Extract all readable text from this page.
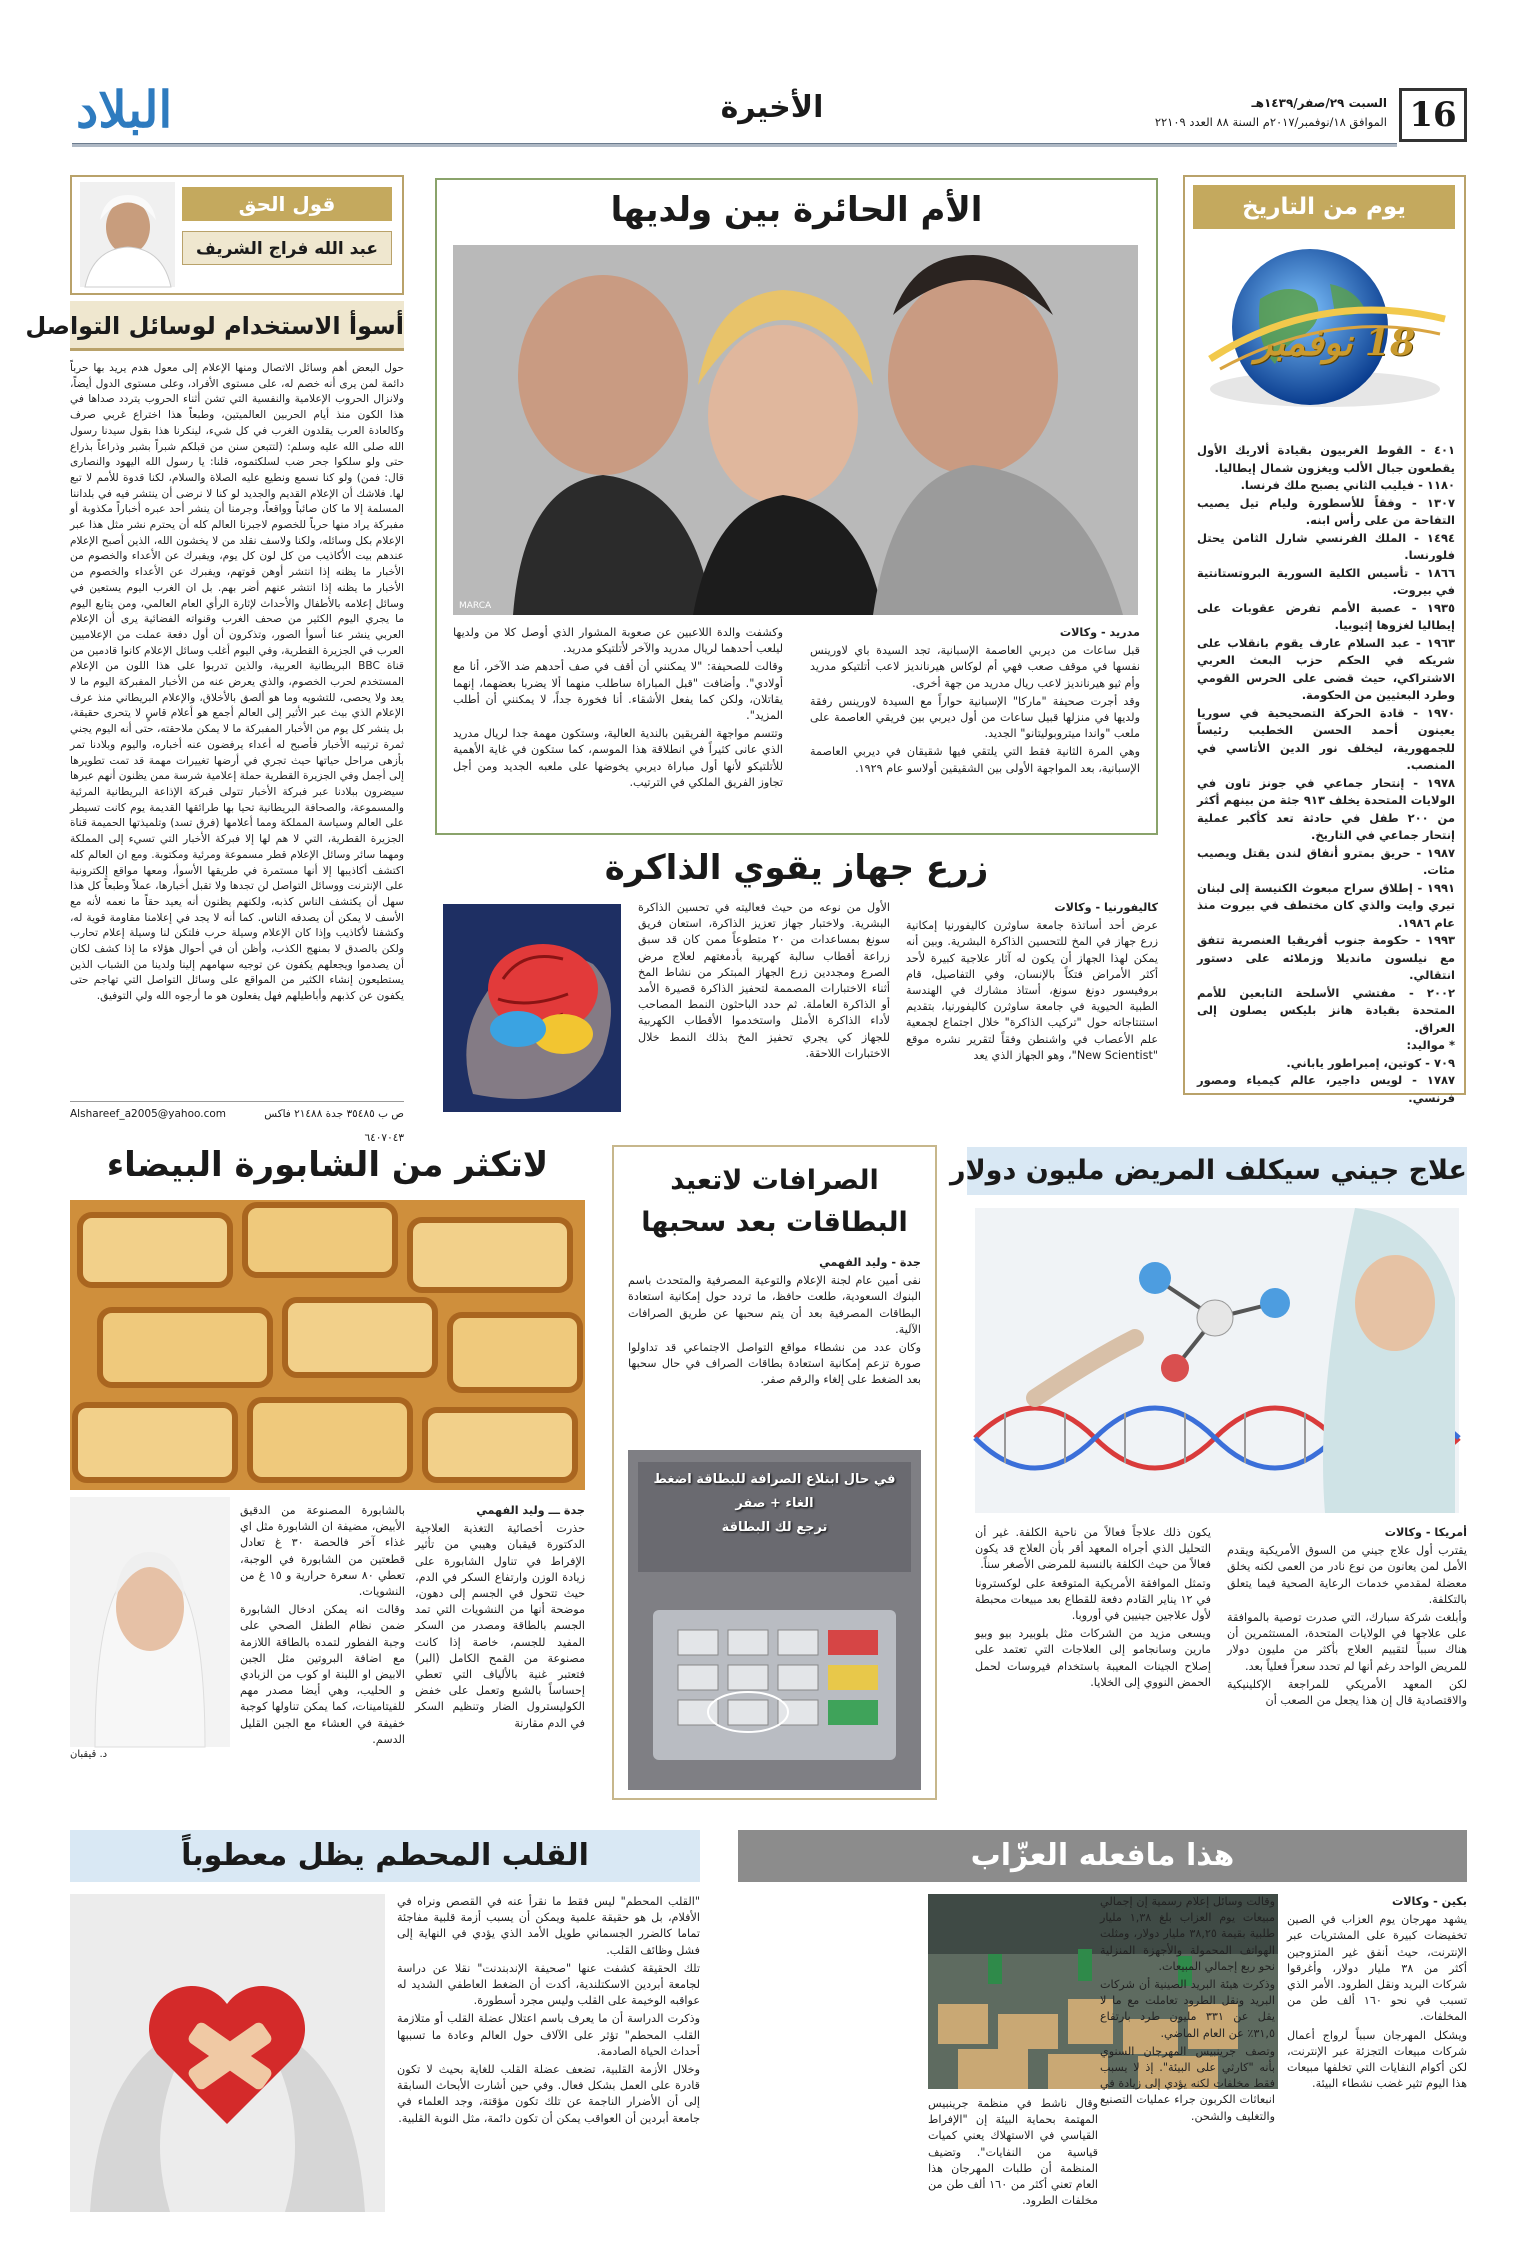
16
السبت ٢٩/صفر/١٤٣٩هـ
الموافق ١٨/نوفمبر/٢٠١٧م السنة ٨٨ العدد ٢٢١٠٩
الأخيرة
البلاد
يوم من التاريخ
18 نوفمبر
٤٠١ - القوط الغربيون بقيادة ألاريك الأول يقطعون جبال الألب ويغزون شمال إيطاليا.
١١٨٠ - فيليب الثاني يصبح ملك فرنسا.
١٣٠٧ - وفقاً للأسطورة وليام تيل يصيب التفاحة من على رأس ابنه.
١٤٩٤ - الملك الفرنسي شارل الثامن يحتل فلورنسا.
١٨٦٦ - تأسيس الكلية السورية البروتستانتية في بيروت.
١٩٣٥ - عصبة الأمم تفرض عقوبات على إيطاليا لغزوها إثيوبيا.
١٩٦٣ - عبد السلام عارف يقوم بانقلاب على شريكه في الحكم حزب البعث العربي الاشتراكي، حيث قضى على الحرس القومي وطرد البعثيين من الحكومة.
١٩٧٠ - قادة الحركة التصحيحية في سوريا يعينون أحمد الحسن الخطيب رئيساً للجمهورية، ليخلف نور الدين الأتاسي في المنصب.
١٩٧٨ - إنتحار جماعي في جونز تاون في الولايات المتحدة يخلف ٩١٣ جثة من بينهم أكثر من ٢٠٠ طفل في حادثة تعد كأكبر عملية إنتحار جماعي في التاريخ.
١٩٨٧ - حريق بمترو أنفاق لندن يقتل ويصيب مئات.
١٩٩١ - إطلاق سراح مبعوث الكنيسة إلى لبنان تيري وايت والذي كان مختطف في بيروت منذ عام ١٩٨٦.
١٩٩٣ - حكومة جنوب أفريقيا العنصرية تتفق مع نيلسون مانديلا وزملائه على دستور انتقالي.
٢٠٠٢ - مفتشي الأسلحة التابعين للأمم المتحدة بقيادة هانز بليكس يصلون إلى العراق.
* مواليد:
٧٠٩ - كوتين، إمبراطور ياباني.
١٧٨٧ - لويس داجير، عالم كيمياء ومصور فرنسي.
الأم الحائرة بين ولديها
MARCA

مدريد - وكالات

قبل ساعات من ديربي العاصمة الإسبانية، تجد السيدة باي لاورينس نفسها في موقف صعب فهي أم لوكاس هيرنانديز لاعب أتلتيكو مدريد وأم ثيو هيرنانديز لاعب ريال مدريد من جهة أخرى.

وقد أجرت صحيفة "ماركا" الإسبانية حواراً مع السيدة لاورينس رفقة ولديها في منزلها قبيل ساعات من أول ديربي بين فريقي العاصمة على ملعب "واندا ميتروبوليتانو" الجديد.

وهي المرة الثانية فقط التي يلتقي فيها شقيقان في ديربي العاصمة الإسبانية، بعد المواجهة الأولى بين الشقيقين أولاسو عام ١٩٢٩.

وكشفت والدة اللاعبين عن صعوبة المشوار الذي أوصل كلا من ولديها ليلعب أحدهما لريال مدريد والآخر لأتلتيكو مدريد.

وقالت للصحيفة: "لا يمكنني أن أقف في صف أحدهم ضد الآخر، أنا مع أولادي". وأضافت "قبل المباراة ساطلب منهما ألا يضربا بعضهما، إنهما يقاتلان، ولكن كما يفعل الأشقاء. أنا فخورة جداً، لا يمكنني أن أطلب المزيد".

وتتسم مواجهة الفريقين بالندية العالية، وستكون مهمة جدا لريال مدريد الذي عانى كثيراً في انطلاقة هذا الموسم، كما ستكون في غاية الأهمية للأتلتيكو لأنها أول مباراة ديربي يخوضها على ملعبه الجديد ومن أجل تجاوز الفريق الملكي في الترتيب.

قول الحق
عبد الله فراج الشريف
أسوأ الاستخدام لوسائل التواصل
حول البعض أهم وسائل الاتصال ومنها الإعلام إلى معول هدم يريد بها حرباً دائمة لمن يرى أنه خصم له، على مستوى الأفراد، وعلى مستوى الدول أيضاً، ولانزال الحروب الإعلامية والنفسية التي تشن أثناء الحروب يتردد صداها في هذا الكون منذ أيام الحربين العالميتين، وطبعاً هذا اختراع غربي صرف وكالعادة العرب يقلدون الغرب في كل شيء، لينكرنا هذا بقول سيدنا رسول الله صلى الله عليه وسلم: (لتتبعن سنن من قبلكم شبراً بشبر وذراعاً بذراع حتى ولو سلكوا جحر ضب لسلكتموه، قلنا: يا رسول الله اليهود والنصارى قال: فمن) ولو كنا نسمع ونطيع عليه الصلاة والسلام، لكنا قدوة للأمم لا تبع لها. فلاشك أن الإعلام القديم والجديد لو كنا لا نرضى أن ينتشر فيه في بلداننا المسلمة إلا ما كان صائباً وواقعاً، وجرمنا أن ينشر أحد عبره أخباراً مكذوبة أو مفبركة يراد منها حرباً للخصوم لاجبرنا العالم كله أن يحترم نشر مثل هذا عبر الإعلام بكل وسائله، ولكنا ولاسف نقلد من لا يخشون الله، الذين أصبح الإعلام عندهم بيت الأكاذيب من كل لون كل يوم، ويفبرك عن الأعداء والخصوم من الأخبار ما يظنه إذا انتشر أوهن قوتهم، ويفبرك عن الأعداء والخصوم من الأخبار ما يظنه إذا انتشر عنهم أضر بهم. بل ان الغرب اليوم يستعين في وسائل إعلامه بالأطفال والأحداث لإثارة الرأي العام العالمي، ومن يتابع اليوم ما يجري اليوم الكثير من صحف الغرب وقنواته الفضائية يرى أن الإعلام العربي ينشر عنا أسوأ الصور، وتذكرون أن أول دفعة عملت من الإعلاميين العرب في الجزيرة القطرية، وفي اليوم أغلب وسائل الإعلام كانوا قادمين من قناة BBC البريطانية العربية، والذين تدربوا على هذا اللون من الإعلام المستخدم لحرب الخصوم، والذي يعرض عنه من الأخبار المفبركة اليوم ما لا يعد ولا يحصى، للتشويه وما هو ألصق بالأخلاق، والإعلام البريطاني منذ عرف الإعلام الذي بيث عبر الأثير إلى العالم أجمع هو أعلام قاسٍ لا يتحرى حقيقة، بل ينشر كل يوم من الأخبار المفبركة ما لا يمكن ملاحقته، حتى أنه اليوم يجني ثمرة ترتيبه الأخبار فأصبح له أعداء يرفضون عنه أخباره، واليوم وبلادنا تمر بأزهى مراحل حياتها حيث تجري في أرضها تغييرات مهمة قد تمت تطويرها إلى أجمل وفي الجزيرة القطرية حملة إعلامية شرسة ممن يظنون أنهم عبرها سيضرون ببلادنا عبر فبركة الأخبار تتولى قبركة الإذاعة البريطانية المرئية والمسموعة، والصحافة البريطانية تحيا بها طرائقها القديمة يوم كانت تسيطر على العالم وسياسة المملكة ومما أعلامها (فرق تسد) وتلميذتها الحميمة قناة الجزيرة القطرية، التي لا هم لها إلا فبركة الأخبار التي تسيء إلى المملكة ومهما سائر وسائل الإعلام قطر مسموعة ومرئية ومكتوبة. ومع ان العالم كله اكتشف أكاذيبها إلا أنها مستمرة في طريقها الأسوأ، ومعها مواقع إلكترونية على الإنترنت ووسائل التواصل لن تجدها ولا تقبل أخبارها، عملاً وطبعاً كل هذا سهل أن يكتشف الناس كذبه، ولكنهم يظنون أنه يعيد حقاً ما نعمه لأنه مع الأسف لا يمكن أن يصدقه الناس. كما أنه لا يجد في إعلامنا مقاومة قوية له، وكشفنا لأكاذيب وإذا كان الإعلام وسيلة حرب فلتكن لنا وسيلة إعلام تحارب ولكن بالصدق لا بمنهج الكذب، وأظن أن في أحوال هؤلاء ما إذا كشف لكان أن يصدموا ويجعلهم يكفون عن توجيه سهامهم إلينا ولدينا من الشباب الذين يستطيعون إنشاء الكثير من المواقع على وسائل التواصل التي تهاجم حتى يكفون عن كذبهم وأباطيلهم فهل يفعلون هو ما أرجوه الله ولي التوفيق.
ص ب ٣٥٤٨٥ جدة ٢١٤٨٨ فاكس ٦٤٠٧٠٤٣
Alshareef_a2005@yahoo.com
زرع جهاز يقوي الذاكرة

كاليفورنيا - وكالات

عرض أحد أساتذة جامعة ساوثرن كاليفورنيا إمكانية زرع جهاز في المخ للتحسين الذاكرة البشرية. وبين أنه يمكن لهذا الجهاز أن يكون له آثار علاجية كبيرة لأحد أكثر الأمراض فتكاً بالإنسان، وفي التفاصيل، قام بروفيسور دونغ سونغ، أستاذ مشارك في الهندسة الطبية الحيوية في جامعة ساوثرن كاليفورنيا، بتقديم استنتاجاته حول "تركيب الذاكرة" خلال اجتماع لجمعية علم الأعصاب في واشنطن وفقاً لتقرير نشره موقع "New Scientist"، وهو الجهاز الذي يعد

الأول من نوعه من حيث فعاليته في تحسين الذاكرة البشرية. ولاختبار جهاز تعزيز الذاكرة، استعان فريق سونغ بمساعدات من ٢٠ متطوعاً ممن كان قد سبق زراعة أقطاب سالبة كهربية بأدمغتهم لعلاج مرض الصرع ومجددين زرع الجهاز المبتكر من نشاط المخ أثناء الاختبارات المصممة لتحفيز الذاكرة قصيرة الأمد أو الذاكرة العاملة. ثم حدد الباحثون النمط المصاحب لأداء الذاكرة الأمثل واستخدموا الأقطاب الكهربية للجهاز كي يجري تحفيز المخ بذلك النمط خلال الاختبارات اللاحقة.
لاتكثر من الشابورة البيضاء

جدة ـــ وليد الفهمي

حذرت أخصائية التغذية العلاجية الدكتورة قيقبان وهيبي من تأثير الإفراط في تناول الشابورة على زيادة الوزن وارتفاع السكر في الدم، حيث تتحول في الجسم إلى دهون، موضحة أنها من النشويات التي تمد الجسم بالطاقة ومصدر من السكر المفيد للجسم، خاصة إذا كانت مصنوعة من القمح الكامل (البر) فتعتبر غنية بالألياف التي تعطي إحساساً بالشبع وتعمل على خفض الكوليسترول الضار وتنظيم السكر في الدم مقارنة

بالشابورة المصنوعة من الدقيق الأبيض، مضيفة ان الشابورة مثل اي غذاء آخر فالحصة ٣٠ غ تعادل قطعتين من الشابورة في الوجبة، تعطي ٨٠ سعرة حرارية و ١٥ غ من النشويات.

وقالت انه يمكن ادخال الشابورة ضمن نظام الطفل الصحي على وجبة الفطور لتمده بالطاقة اللازمة مع اضافة البروتين مثل الجبن الابيض او اللبنة او كوب من الزبادي و الحليب، وهي أيضا مصدر مهم للفيتامينات، كما يمكن تناولها كوجبة خفيفة في العشاء مع الجبن القليل الدسم.

د. قيقبان
الصرافات لاتعيد
البطاقات بعد سحبها

جدة - وليد الفهمي

نفى أمين عام لجنة الإعلام والتوعية المصرفية والمتحدث باسم البنوك السعودية، طلعت حافظ، ما تردد حول إمكانية استعادة البطاقات المصرفية بعد أن يتم سحبها عن طريق الصرافات الآلية.

وكان عدد من نشطاء مواقع التواصل الاجتماعي قد تداولوا صورة تزعم إمكانية استعادة بطاقات الصراف في حال سحبها بعد الضغط على إلغاء والرقم صفر.

في حال ابتلاع الصرافة للبطاقة اضغط
الغاء + صفر
ترجع لك البطاقة
علاج جيني سيكلف المريض مليون دولار

أمريكا - وكالات

يقترب أول علاج جيني من السوق الأمريكية ويقدم الأمل لمن يعانون من نوع نادر من العمى لكنه يخلق معضلة لمقدمي خدمات الرعاية الصحية فيما يتعلق بالتكلفة.

وأبلغت شركة سبارك، التي صدرت توصية بالموافقة على علاجها في الولايات المتحدة، المستثمرين أن هناك سبباً لتقييم العلاج بأكثر من مليون دولار للمريض الواحد رغم أنها لم تحدد سعراً فعلياً بعد.

لكن المعهد الأمريكي للمراجعة الإكلينيكية والاقتصادية قال إن هذا يجعل من الصعب أن

يكون ذلك علاجاً فعالاً من ناحية الكلفة. غير أن التحليل الذي أجراه المعهد أقر بأن العلاج قد يكون فعالاً من حيث الكلفة بالنسبة للمرضى الأصغر سناً.

وتمثل الموافقة الأمريكية المتوقعة على لوكسترونا في ١٢ يناير القادم دفعة للقطاع بعد مبيعات محبطة لأول علاجين جينيين في أوروبا.

ويسعى مزيد من الشركات مثل بلوبيرد بيو وبيو مارين وسانجامو إلى العلاجات التي تعتمد على إصلاح الجينات المعيبة باستخدام فيروسات لحمل الحمض النووي إلى الخلايا.

القلب المحطم يظل معطوباً

"القلب المحطم" ليس فقط ما نقرأ عنه في القصص ونراه في الأفلام، بل هو حقيقة علمية ويمكن أن يسبب أزمة قلبية مفاجئة تماما كالضرر الجسماني طويل الأمد الذي يؤدي في النهاية إلى فشل وظائف القلب.

تلك الحقيقة كشفت عنها "صحيفة الإندبندنت" نقلا عن دراسة لجامعة أبردين الاسكتلندية، أكدت أن الضغط العاطفي الشديد له عواقبه الوخيمة على القلب وليس مجرد أسطورة.

وذكرت الدراسة أن ما يعرف باسم اعتلال عضلة القلب أو متلازمة القلب المحطم" تؤثر على الآلاف حول العالم وعادة ما تسببها أحداث الحياة الصادمة.

وخلال الأزمة القلبية، تضعف عضلة القلب للغاية بحيث لا تكون قادرة على العمل بشكل فعال. وفي حين أشارت الأبحاث السابقة إلى أن الأضرار الناجمة عن تلك تكون مؤقتة، وجد العلماء في جامعة أبردين أن العواقب يمكن أن تكون دائمة، مثل النوبة القلبية.

هذا مافعله العزّاب

بكين - وكالات

يشهد مهرجان يوم العزاب في الصين تخفيضات كبيرة على المشتريات عبر الإنترنت، حيث أنفق غير المتزوجين أكثر من ٣٨ مليار دولار، وأغرقوا شركات البريد ونقل الطرود. الأمر الذي تسبب في نحو ١٦٠ ألف طن من المخلفات.

ويشكل المهرجان سبباً لرواج أعمال شركات مبيعات التجزئة عبر الإنترنت، لكن أكوام النفايات التي تخلفها مبيعات هذا اليوم تثير غضب نشطاء البيئة.

وقالت وسائل إعلام رسمية إن إجمالي مبيعات يوم العزاب بلغ ١,٣٨ مليار طلبية بقيمة ٣٨,٢٥ مليار دولار، ومثلت الهواتف المحمولة والأجهزة المنزلية نحو ربع إجمالي المبيعات.

وذكرت هيئة البريد الصينية أن شركات البريد ونقل الطرود تعاملت مع ما لا يقل عن ٣٣١ مليون طرد بارتفاع ٣١,٥٪ عن العام الماضي.

وتصف جرينبيس المهرجان السنوي بأنه "كارثي على البيئة". إذ لا يسبب فقط مخلفات لكنه يؤدي إلى زيادة في انبعاثات الكربون جراء عمليات التصنيع والتغليف والشحن.

وقال ناشط في منظمة جرينبيس المهتمة بحماية البيئة إن "الإفراط القياسي في الاستهلاك يعني كميات قياسية من النفايات". وتضيف المنظمة أن طلبات المهرجان هذا العام تعني أكثر من ١٦٠ ألف طن من مخلفات الطرود.
